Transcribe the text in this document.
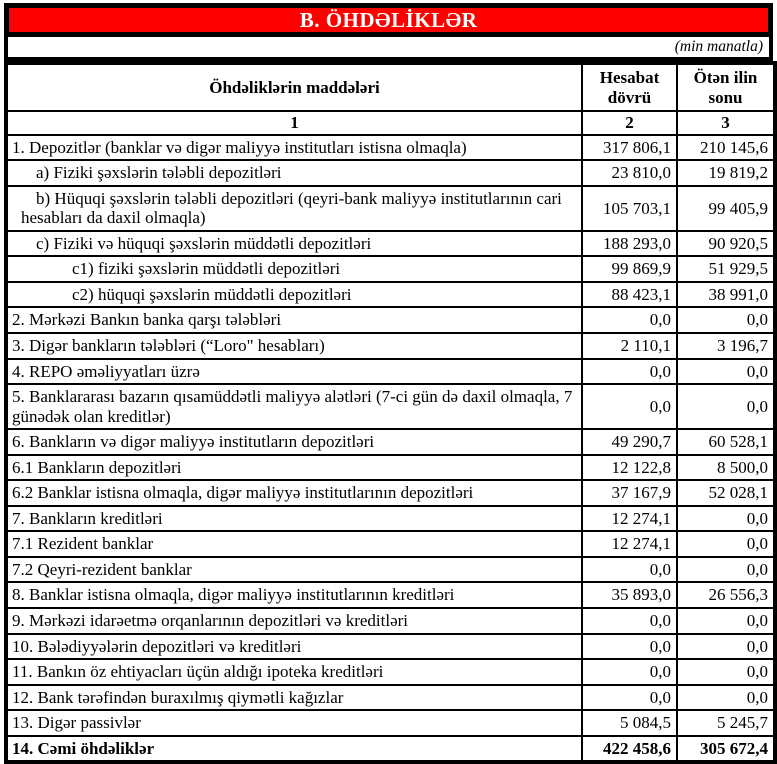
B. ÖHDƏLİKLƏR
(min manatla)
Öhdəliklərin maddələri	Hesabat dövrü	Ötən ilin sonu
1	2	3
1. Depozitlər (banklar və digər maliyyə institutları istisna olmaqla)	317 806,1	210 145,6
a) Fiziki şəxslərin tələbli depozitləri	23 810,0	19 819,2
b) Hüquqi şəxslərin tələbli depozitləri (qeyri-bank maliyyə institutlarının cari hesabları da daxil olmaqla)	105 703,1	99 405,9
c) Fiziki və hüquqi şəxslərin müddətli depozitləri	188 293,0	90 920,5
c1) fiziki şəxslərin müddətli depozitləri	99 869,9	51 929,5
c2) hüquqi şəxslərin müddətli depozitləri	88 423,1	38 991,0
2. Mərkəzi Bankın banka qarşı tələbləri	0,0	0,0
3. Digər bankların tələbləri (“Loro" hesabları)	2 110,1	3 196,7
4. REPO əməliyyatları üzrə	0,0	0,0
5. Banklararası bazarın qısamüddətli maliyyə alətləri (7-ci gün də daxil olmaqla, 7 günədək olan kreditlər)	0,0	0,0
6. Bankların və digər maliyyə institutların depozitləri	49 290,7	60 528,1
6.1 Bankların depozitləri	12 122,8	8 500,0
6.2 Banklar istisna olmaqla, digər maliyyə institutlarının depozitləri	37 167,9	52 028,1
7. Bankların kreditləri	12 274,1	0,0
7.1 Rezident banklar	12 274,1	0,0
7.2 Qeyri-rezident banklar	0,0	0,0
8. Banklar istisna olmaqla, digər maliyyə institutlarının kreditləri	35 893,0	26 556,3
9. Mərkəzi idarəetmə orqanlarının depozitləri və kreditləri	0,0	0,0
10. Bələdiyyələrin depozitləri və kreditləri	0,0	0,0
11. Bankın öz ehtiyacları üçün aldığı ipoteka kreditləri	0,0	0,0
12. Bank tərəfindən buraxılmış qiymətli kağızlar	0,0	0,0
13. Digər passivlər	5 084,5	5 245,7
14. Cəmi öhdəliklər	422 458,6	305 672,4
